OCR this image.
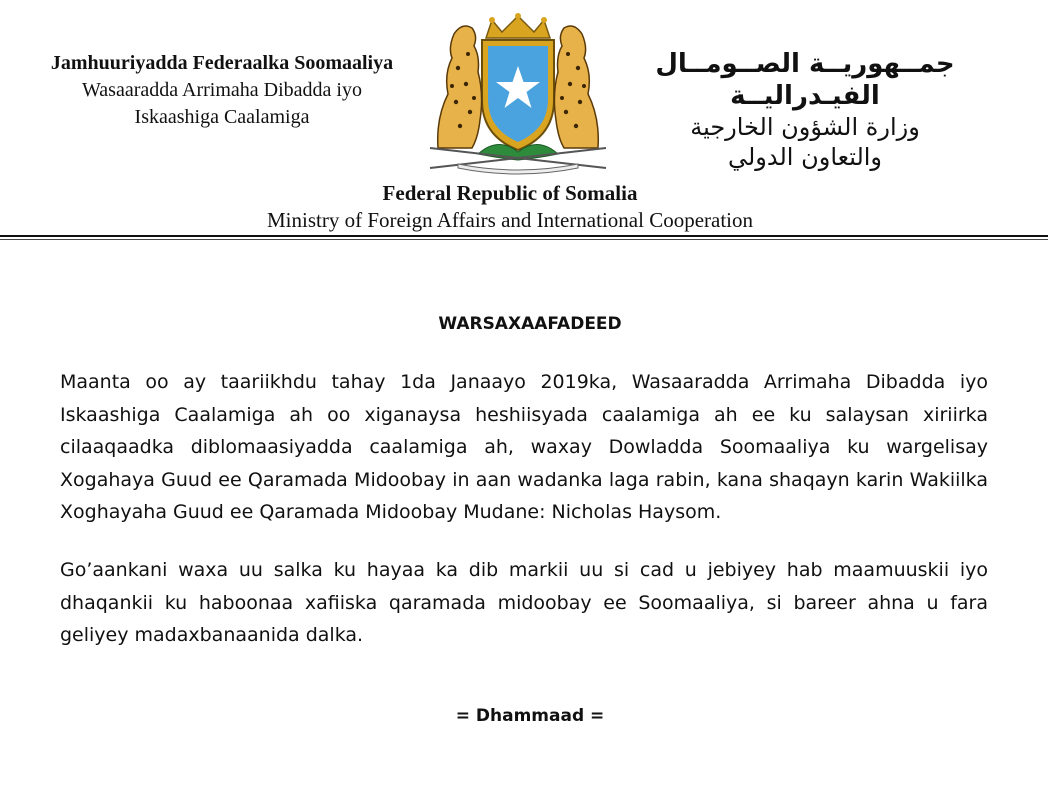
Jamhuuriyadda Federaalka Soomaaliya
Wasaaradda Arrimaha Dibadda iyo
Iskaashiga Caalamiga
جمــهوريــة الصــومــال الفيـدراليــة
وزارة الشؤون الخارجية
والتعاون الدولي
Federal Republic of Somalia
Ministry of Foreign Affairs and International Cooperation
WARSAXAAFADEED

Maanta oo ay taariikhdu tahay 1da Janaayo 2019ka, Wasaaradda Arrimaha Dibadda iyo Iskaashiga Caalamiga ah oo xiganaysa heshiisyada caalamiga ah ee ku salaysan xiriirka cilaaqaadka diblomaasiyadda caalamiga ah, waxay Dowladda Soomaaliya ku wargelisay Xogahaya Guud ee Qaramada Midoobay in aan wadanka laga rabin, kana shaqayn karin Wakiilka Xoghayaha Guud ee Qaramada Midoobay Mudane: Nicholas Haysom.

Go’aankani waxa uu salka ku hayaa ka dib markii uu si cad u jebiyey hab maamuuskii iyo dhaqankii ku haboonaa xafiiska qaramada midoobay ee Soomaaliya, si bareer ahna u fara geliyey madaxbanaanida dalka.

= Dhammaad =
